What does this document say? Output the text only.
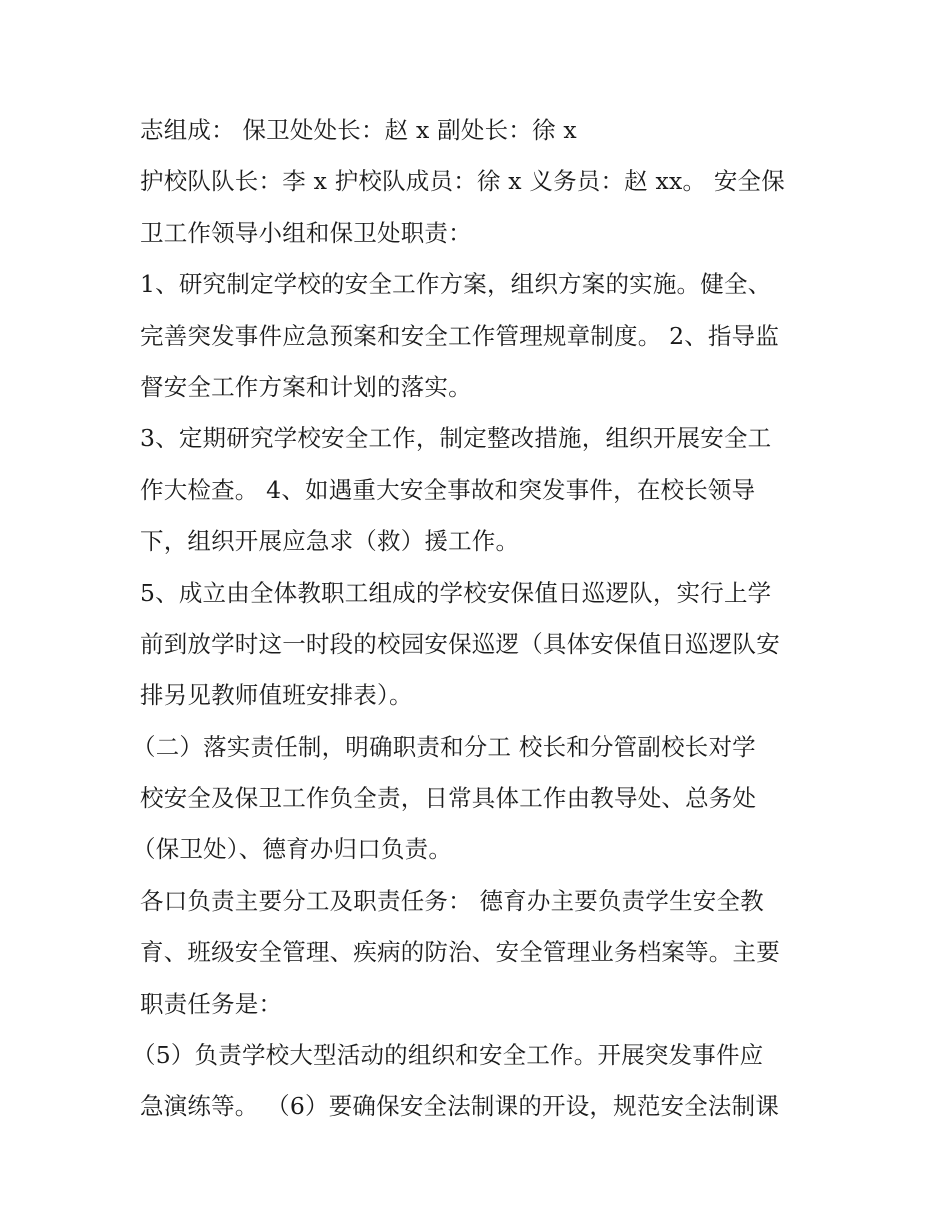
志组成： 保卫处处长：赵 x 副处长：徐 x
护校队队长：李 x 护校队成员：徐 x 义务员：赵 xx。 安全保
卫工作领导小组和保卫处职责：
1、研究制定学校的安全工作方案，组织方案的实施。健全、
完善突发事件应急预案和安全工作管理规章制度。 2、指导监
督安全工作方案和计划的落实。
3、定期研究学校安全工作，制定整改措施，组织开展安全工
作大检查。 4、如遇重大安全事故和突发事件，在校长领导
下，组织开展应急求（救）援工作。
5、成立由全体教职工组成的学校安保值日巡逻队，实行上学
前到放学时这一时段的校园安保巡逻（具体安保值日巡逻队安
排另见教师值班安排表）。
（二）落实责任制，明确职责和分工 校长和分管副校长对学
校安全及保卫工作负全责，日常具体工作由教导处、总务处
（保卫处）、德育办归口负责。
各口负责主要分工及职责任务： 德育办主要负责学生安全教
育、班级安全管理、疾病的防治、安全管理业务档案等。主要
职责任务是：
（5）负责学校大型活动的组织和安全工作。开展突发事件应
急演练等。 （6）要确保安全法制课的开设，规范安全法制课
